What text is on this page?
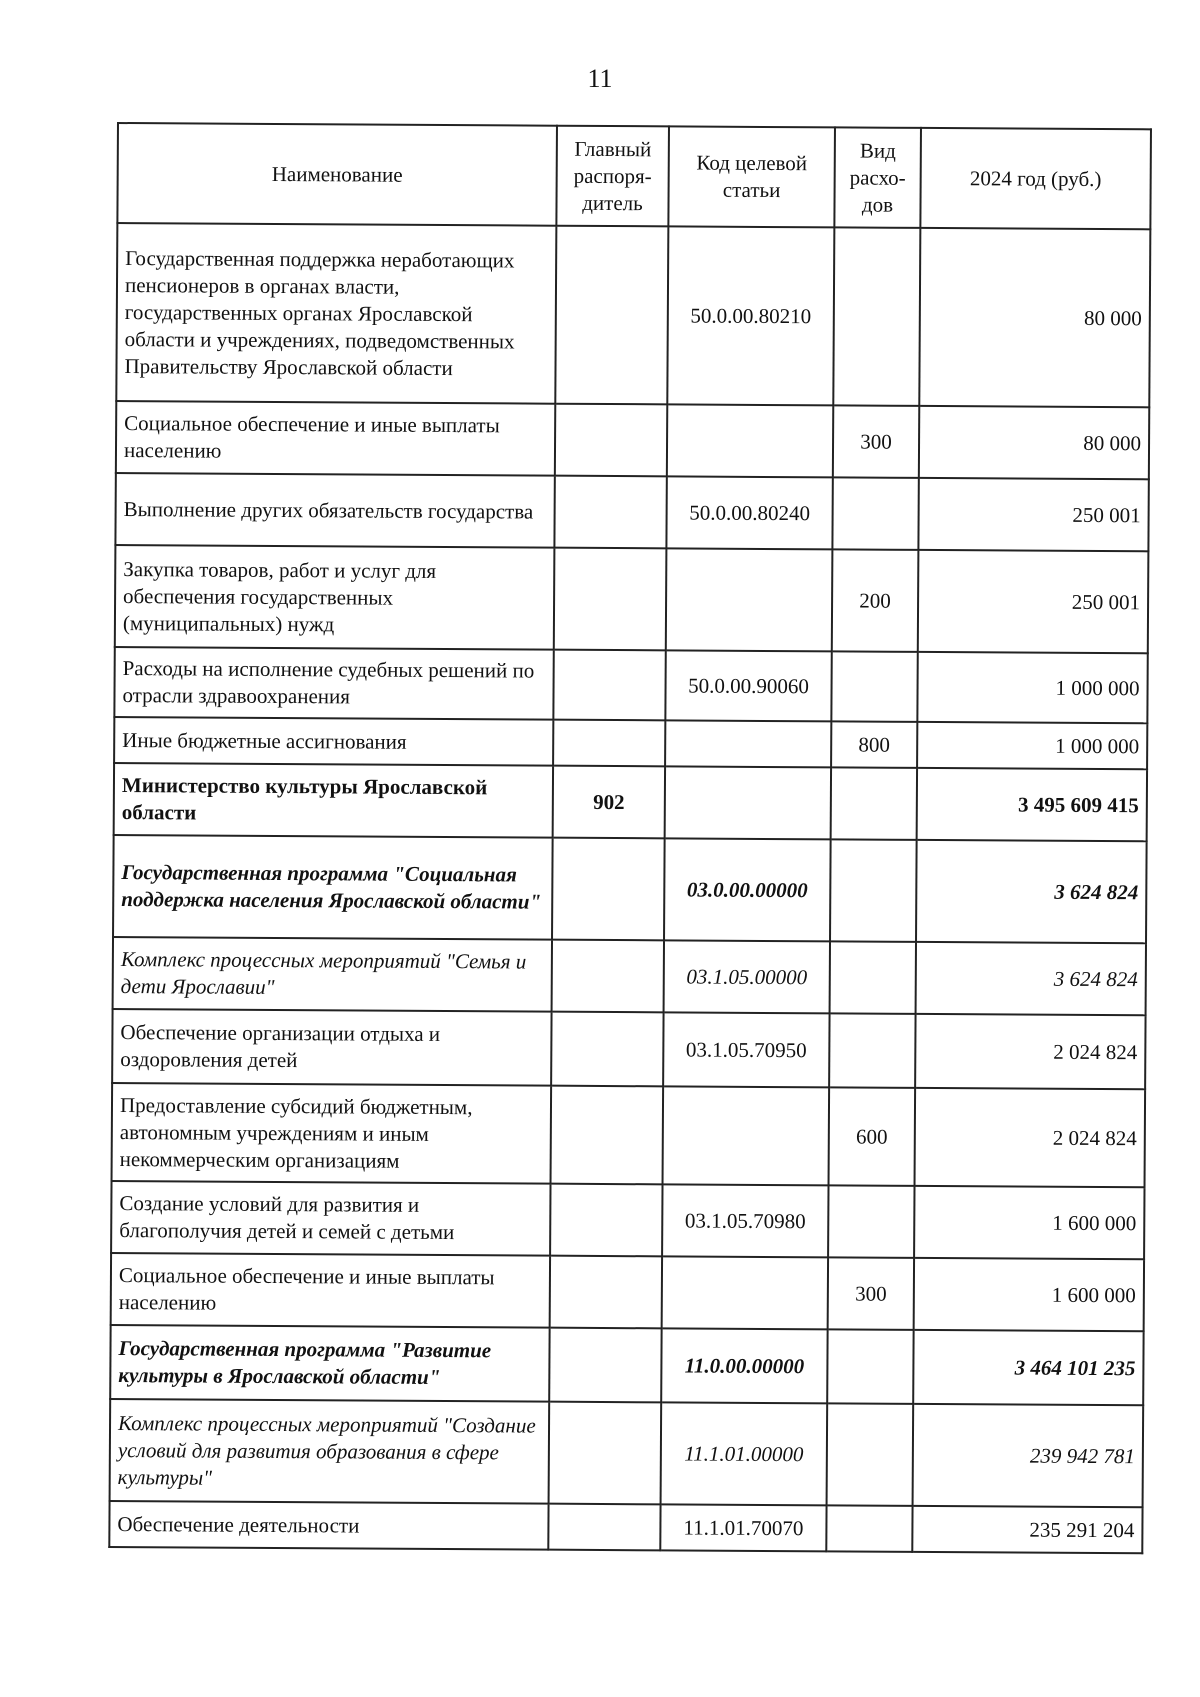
11
Наименование	Главный распоря-дитель	Код целевой статьи	Вид расхо-дов	2024 год (руб.)
Государственная поддержка неработающих пенсионеров в органах власти, государственных органах Ярославской области и учреждениях, подведомственных Правительству Ярославской области		50.0.00.80210		80 000
Социальное обеспечение и иные выплаты населению			300	80 000
Выполнение других обязательств государства		50.0.00.80240		250 001
Закупка товаров, работ и услуг для обеспечения государственных (муниципальных) нужд			200	250 001
Расходы на исполнение судебных решений по отрасли здравоохранения		50.0.00.90060		1 000 000
Иные бюджетные ассигнования			800	1 000 000
Министерство культуры Ярославской области	902			3 495 609 415
Государственная программа "Социальная поддержка населения Ярославской области"		03.0.00.00000		3 624 824
Комплекс процессных мероприятий "Семья и дети Ярославии"		03.1.05.00000		3 624 824
Обеспечение организации отдыха и оздоровления детей		03.1.05.70950		2 024 824
Предоставление субсидий бюджетным, автономным учреждениям и иным некоммерческим организациям			600	2 024 824
Создание условий для развития и благополучия детей и семей с детьми		03.1.05.70980		1 600 000
Социальное обеспечение и иные выплаты населению			300	1 600 000
Государственная программа "Развитие культуры в Ярославской области"		11.0.00.00000		3 464 101 235
Комплекс процессных мероприятий "Создание условий для развития образования в сфере культуры"		11.1.01.00000		239 942 781
Обеспечение деятельности		11.1.01.70070		235 291 204
